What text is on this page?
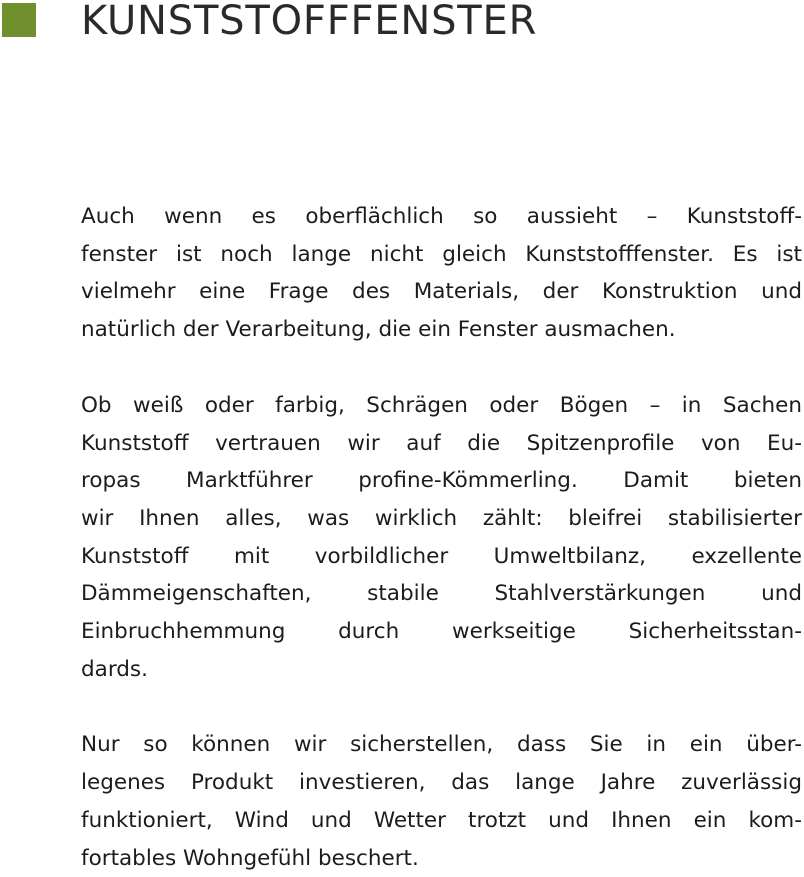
KUNSTSTOFFFENSTER

Auch wenn es oberflächlich so aussieht – Kunststoff-
fenster ist noch lange nicht gleich Kunststofffenster. Es ist
vielmehr eine Frage des Materials, der Konstruktion und
natürlich der Verarbeitung, die ein Fenster ausmachen.

Ob weiß oder farbig, Schrägen oder Bögen – in Sachen
Kunststoff vertrauen wir auf die Spitzenprofile von Eu-
ropas Marktführer profine-Kömmerling. Damit bieten
wir Ihnen alles, was wirklich zählt: bleifrei stabilisierter
Kunststoff mit vorbildlicher Umweltbilanz, exzellente
Dämmeigenschaften, stabile Stahlverstärkungen und
Einbruchhemmung durch werkseitige Sicherheitsstan-
dards.

Nur so können wir sicherstellen, dass Sie in ein über-
legenes Produkt investieren, das lange Jahre zuverlässig
funktioniert, Wind und Wetter trotzt und Ihnen ein kom-
fortables Wohngefühl beschert.
